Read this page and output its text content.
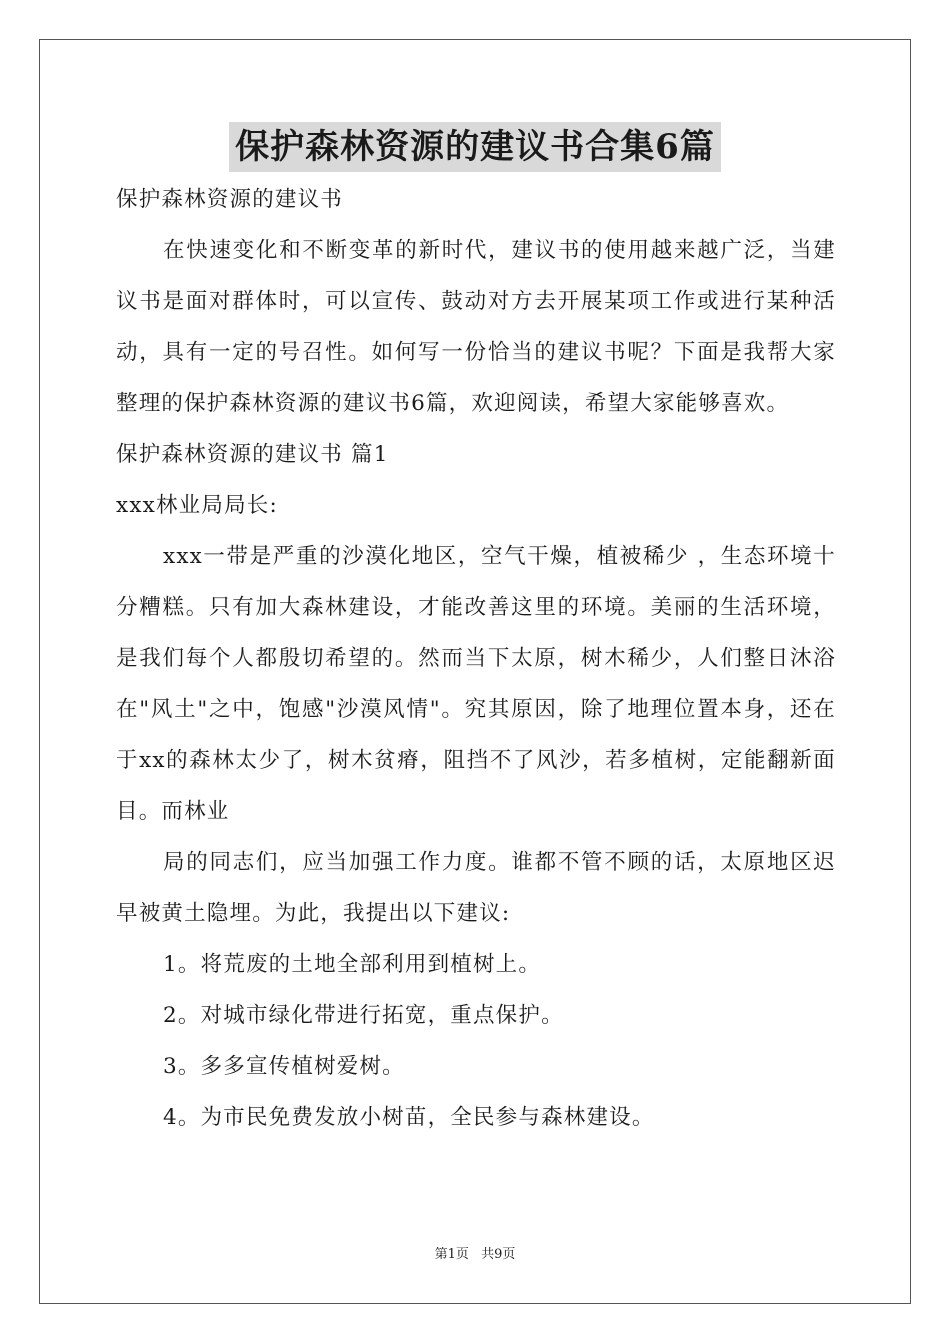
保护森林资源的建议书合集6篇
保护森林资源的建议书
在快速变化和不断变革的新时代，建议书的使用越来越广泛，当建议书是面对群体时，可以宣传、鼓动对方去开展某项工作或进行某种活动，具有一定的号召性。如何写一份恰当的建议书呢？下面是我帮大家整理的保护森林资源的建议书6篇，欢迎阅读，希望大家能够喜欢。
保护森林资源的建议书 篇1
xxx林业局局长:
xxx一带是严重的沙漠化地区，空气干燥，植被稀少 ，生态环境十分糟糕。只有加大森林建设，才能改善这里的环境。美丽的生活环境，是我们每个人都殷切希望的。然而当下太原，树木稀少，人们整日沐浴在"风土"之中，饱感"沙漠风情"。究其原因，除了地理位置本身，还在于xx的森林太少了，树木贫瘠，阻挡不了风沙，若多植树，定能翻新面目。而林业
局的同志们，应当加强工作力度。谁都不管不顾的话，太原地区迟早被黄土隐埋。为此，我提出以下建议:
1。将荒废的土地全部利用到植树上。
2。对城市绿化带进行拓宽，重点保护。
3。多多宣传植树爱树。
4。为市民免费发放小树苗，全民参与森林建设。
第1页 共9页
